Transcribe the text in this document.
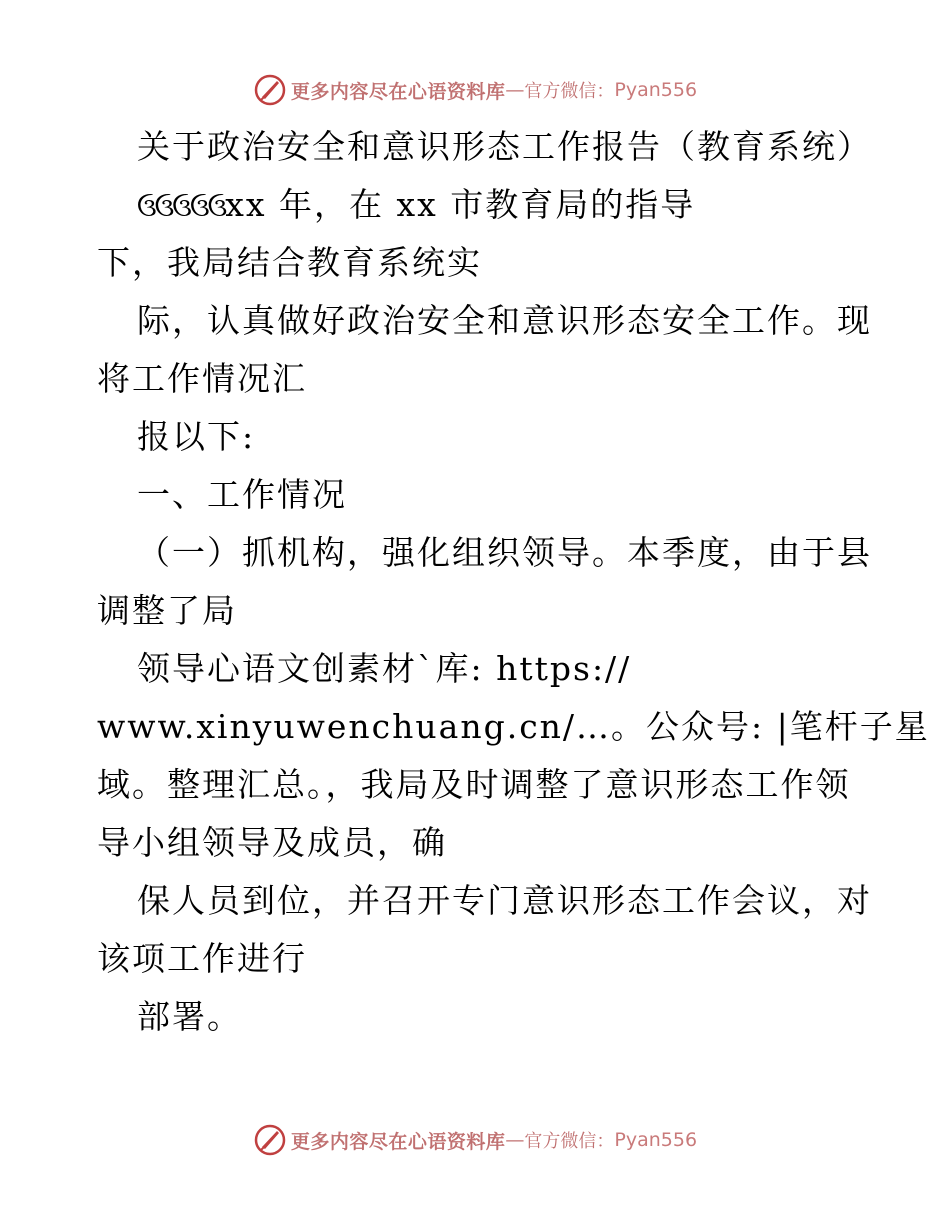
更多内容尽在心语资料库 — 官方微信： Pyan556
关于政治安全和意识形态工作报告（教育系统）
ઉઉઉઉઉxx 年，在 xx 市教育局的指导
下，我局结合教育系统实
际，认真做好政治安全和意识形态安全工作。现
将工作情况汇
报以下:
一、工作情况
（一）抓机构，强化组织领导。本季度，由于县
调整了局
领导心语文创素材`库: https://
www.xinyuwenchuang.cn/…。公众号: |笔杆子星
域。整理汇总。，我局及时调整了意识形态工作领
导小组领导及成员，确
保人员到位，并召开专门意识形态工作会议，对
该项工作进行
部署。
更多内容尽在心语资料库 — 官方微信： Pyan556
